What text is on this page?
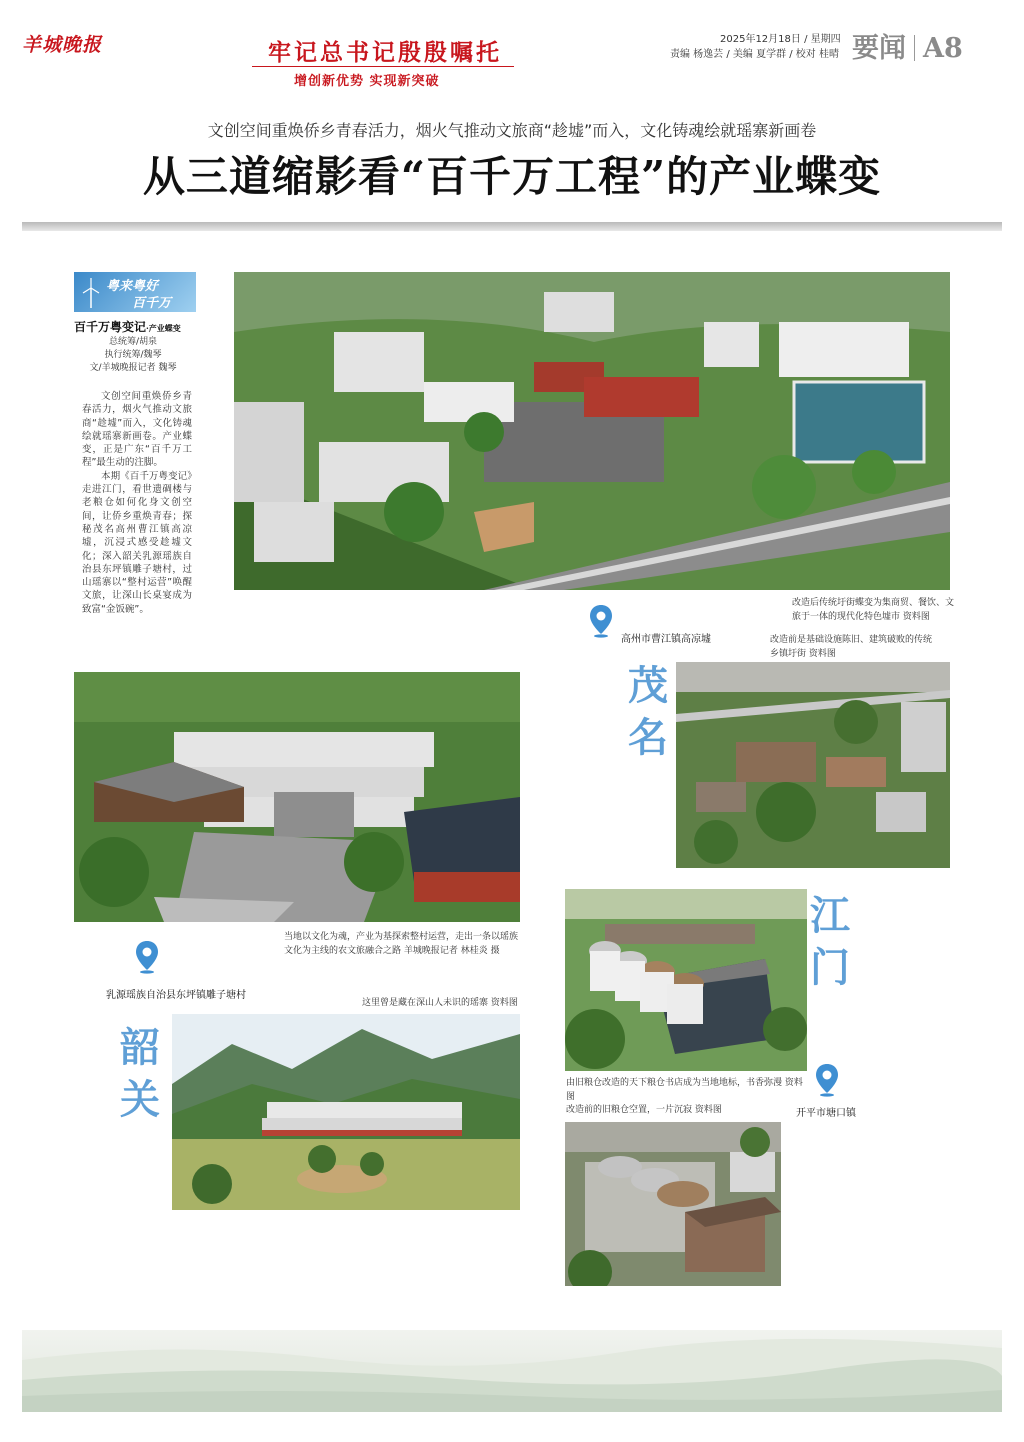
羊城晚报	牢记总书记殷殷嘱托
增创新优势 实现新突破
2025年12月18日 / 星期四
责编 杨逸芸 / 美编 夏学群 / 校对 桂晴 要闻 A8
文创空间重焕侨乡青春活力，烟火气推动文旅商“趁墟”而入，文化铸魂绘就瑶寨新画卷
从三道缩影看“百千万工程”的产业蝶变
粤来粤好
百千万
百千万粤变记·产业蝶变
总统筹/胡泉
执行统筹/魏琴
文/羊城晚报记者 魏琴

文创空间重焕侨乡青春活力，烟火气推动文旅商“趁墟”而入，文化铸魂绘就瑶寨新画卷。产业蝶变，正是广东“百千万工程”最生动的注脚。

本期《百千万粤变记》走进江门，看世遗碉楼与老粮仓如何化身文创空间，让侨乡重焕青春；探秘茂名高州曹江镇高凉墟，沉浸式感受趁墟文化；深入韶关乳源瑶族自治县东坪镇雕子塘村，过山瑶寨以“整村运营”唤醒文旅，让深山长桌宴成为致富“金饭碗”。

改造后传统圩街蝶变为集商贸、餐饮、文旅于一体的现代化特色墟市 资料图
高州市曹江镇高凉墟	改造前是基础设施陈旧、建筑破败的传统乡镇圩街 资料图
茂名
当地以文化为魂，产业为基探索整村运营，走出一条以瑶族文化为主线的农文旅融合之路 羊城晚报记者 林桂炎 摄
乳源瑶族自治县东坪镇雕子塘村
这里曾是藏在深山人未识的瑶寨 资料图
韶关
江门
由旧粮仓改造的天下粮仓书店成为当地地标，书香弥漫 资料图
开平市塘口镇
改造前的旧粮仓空置，一片沉寂 资料图
